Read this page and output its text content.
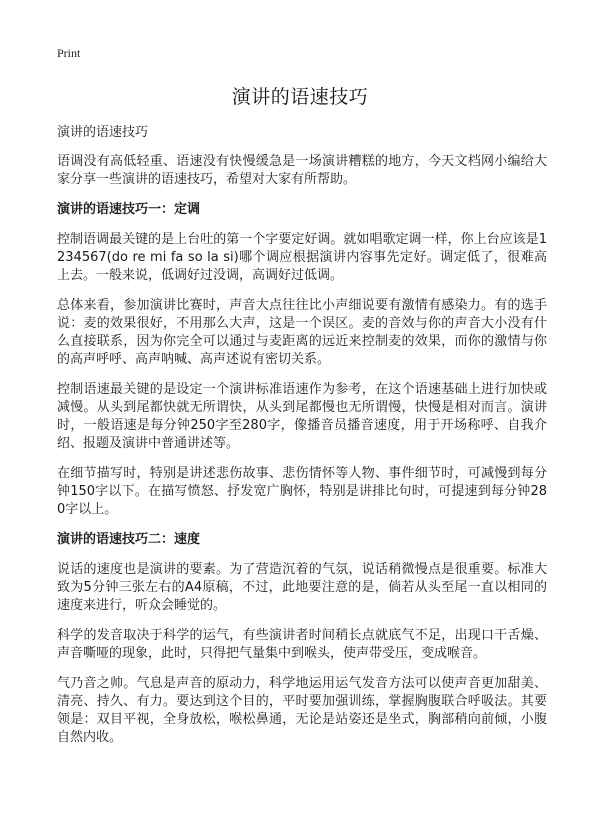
Print
演讲的语速技巧
演讲的语速技巧

语调没有高低轻重、语速没有快慢缓急是一场演讲糟糕的地方，今天文档网小编给大家分享一些演讲的语速技巧，希望对大家有所帮助。

演讲的语速技巧一：定调

控制语调最关键的是上台吐的第一个字要定好调。就如唱歌定调一样，你上台应该是1234567(do re mi fa so la si)哪个调应根据演讲内容事先定好。调定低了，很难高上去。一般来说，低调好过没调，高调好过低调。

总体来看，参加演讲比赛时，声音大点往往比小声细说要有激情有感染力。有的选手说：麦的效果很好，不用那么大声，这是一个误区。麦的音效与你的声音大小没有什么直接联系，因为你完全可以通过与麦距离的远近来控制麦的效果，而你的激情与你的高声呼呼、高声呐喊、高声述说有密切关系。

控制语速最关键的是设定一个演讲标准语速作为参考，在这个语速基础上进行加快或减慢。从头到尾都快就无所谓快，从头到尾都慢也无所谓慢，快慢是相对而言。演讲时，一般语速是每分钟250字至280字，像播音员播音速度，用于开场称呼、自我介绍、报题及演讲中普通讲述等。

在细节描写时，特别是讲述悲伤故事、悲伤情怀等人物、事件细节时，可减慢到每分钟150字以下。在描写愤怒、抒发宽广胸怀，特别是讲排比句时，可提速到每分钟280字以上。

演讲的语速技巧二：速度

说话的速度也是演讲的要素。为了营造沉着的气氛，说话稍微慢点是很重要。标准大致为5分钟三张左右的A4原稿，不过，此地要注意的是，倘若从头至尾一直以相同的速度来进行，听众会睡觉的。

科学的发音取决于科学的运气，有些演讲者时间稍长点就底气不足，出现口干舌燥、声音嘶哑的现象，此时，只得把气量集中到喉头，使声带受压，变成喉音。

气乃音之帅。气息是声音的原动力，科学地运用运气发音方法可以使声音更加甜美、清亮、持久、有力。要达到这个目的，平时要加强训练，掌握胸腹联合呼吸法。其要领是：双目平视，全身放松，喉松鼻通，无论是站姿还是坐式，胸部稍向前倾，小腹自然内收。
